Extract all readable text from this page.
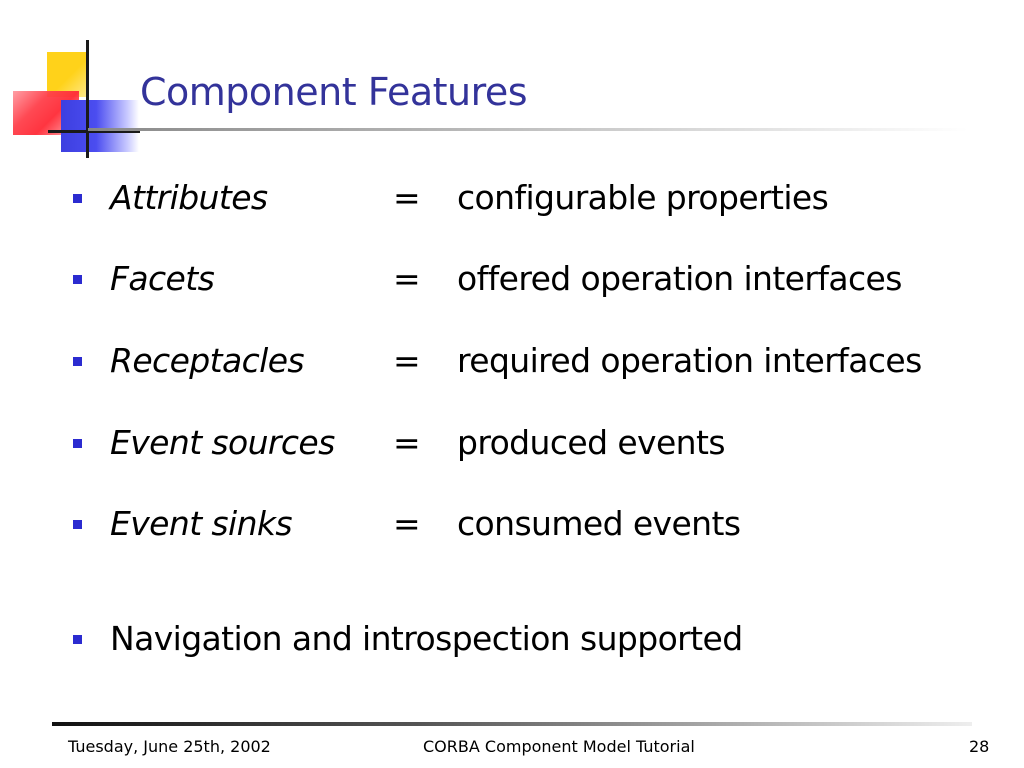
Component Features
Attributes	= configurable properties
Facets	= offered operation interfaces
Receptacles	= required operation interfaces
Event sources = produced events
Event sinks	= consumed events
Navigation and introspection supported
Tuesday, June 25th, 2002	CORBA Component Model Tutorial	28
